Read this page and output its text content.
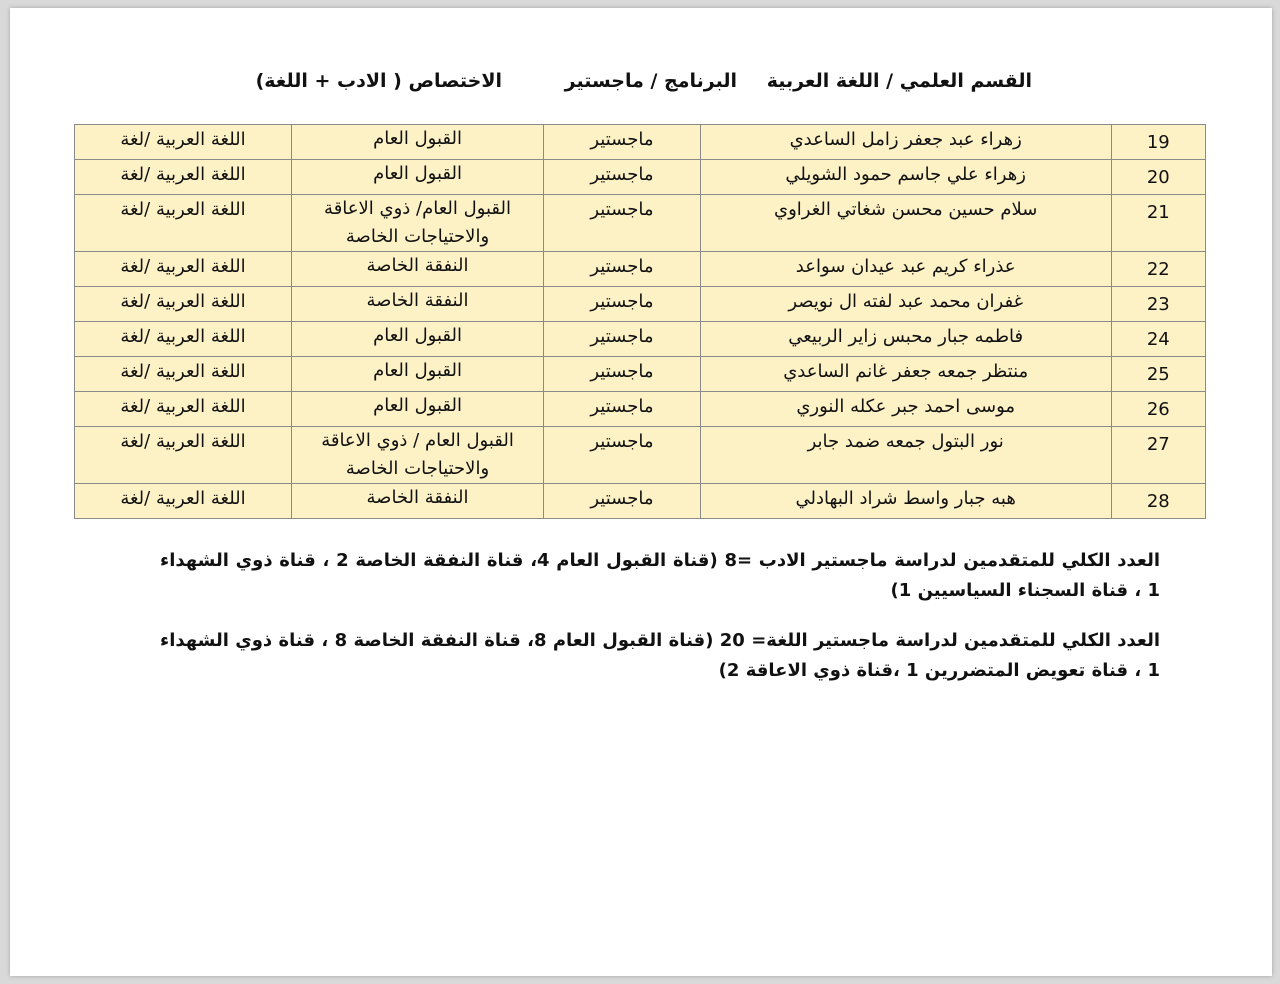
القسم العلمي / اللغة العربية
البرنامج / ماجستير
الاختصاص ( الادب + اللغة)
19	زهراء عبد جعفر زامل الساعدي	ماجستير	القبول العام	اللغة العربية /لغة
20	زهراء علي جاسم حمود الشويلي	ماجستير	القبول العام	اللغة العربية /لغة
21	سلام حسين محسن شغاتي الغراوي	ماجستير	القبول العام/ ذوي الاعاقة والاحتياجات الخاصة	اللغة العربية /لغة
22	عذراء كريم عبد عيدان سواعد	ماجستير	النفقة الخاصة	اللغة العربية /لغة
23	غفران محمد عبد لفته ال نويصر	ماجستير	النفقة الخاصة	اللغة العربية /لغة
24	فاطمه جبار محبس زاير الربيعي	ماجستير	القبول العام	اللغة العربية /لغة
25	منتظر جمعه جعفر غانم الساعدي	ماجستير	القبول العام	اللغة العربية /لغة
26	موسى احمد جبر عكله النوري	ماجستير	القبول العام	اللغة العربية /لغة
27	نور البتول جمعه ضمد جابر	ماجستير	القبول العام / ذوي الاعاقة والاحتياجات الخاصة	اللغة العربية /لغة
28	هبه جبار واسط شراد البهادلي	ماجستير	النفقة الخاصة	اللغة العربية /لغة
العدد الكلي للمتقدمين لدراسة ماجستير الادب =8 (قناة القبول العام 4، قناة النفقة الخاصة 2 ، قناة ذوي الشهداء 1 ، قناة السجناء السياسيين 1)
العدد الكلي للمتقدمين لدراسة ماجستير اللغة= 20 (قناة القبول العام 8، قناة النفقة الخاصة 8 ، قناة ذوي الشهداء 1 ، قناة تعويض المتضررين 1 ،قناة ذوي الاعاقة 2)
